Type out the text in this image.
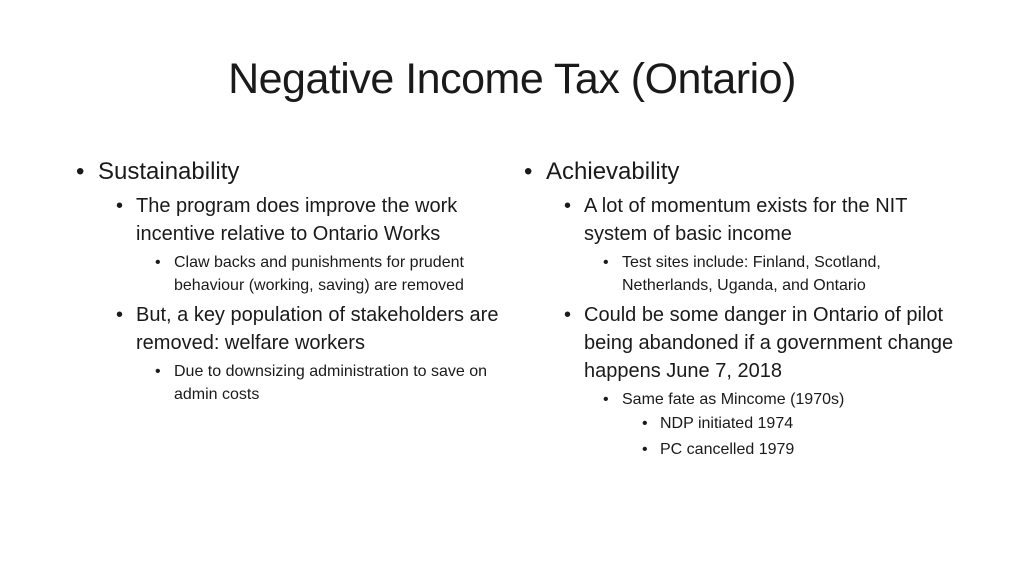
Negative Income Tax (Ontario)

• Sustainability

• The program does improve the work incentive relative to Ontario Works

• Claw backs and punishments for prudent behaviour (working, saving) are removed

• But, a key population of stakeholders are removed: welfare workers

• Due to downsizing administration to save on admin costs

• Achievability

• A lot of momentum exists for the NIT system of basic income

• Test sites include: Finland, Scotland, Netherlands, Uganda, and Ontario

• Could be some danger in Ontario of pilot being abandoned if a government change happens June 7, 2018

• Same fate as Mincome (1970s)

• NDP initiated 1974

• PC cancelled 1979
